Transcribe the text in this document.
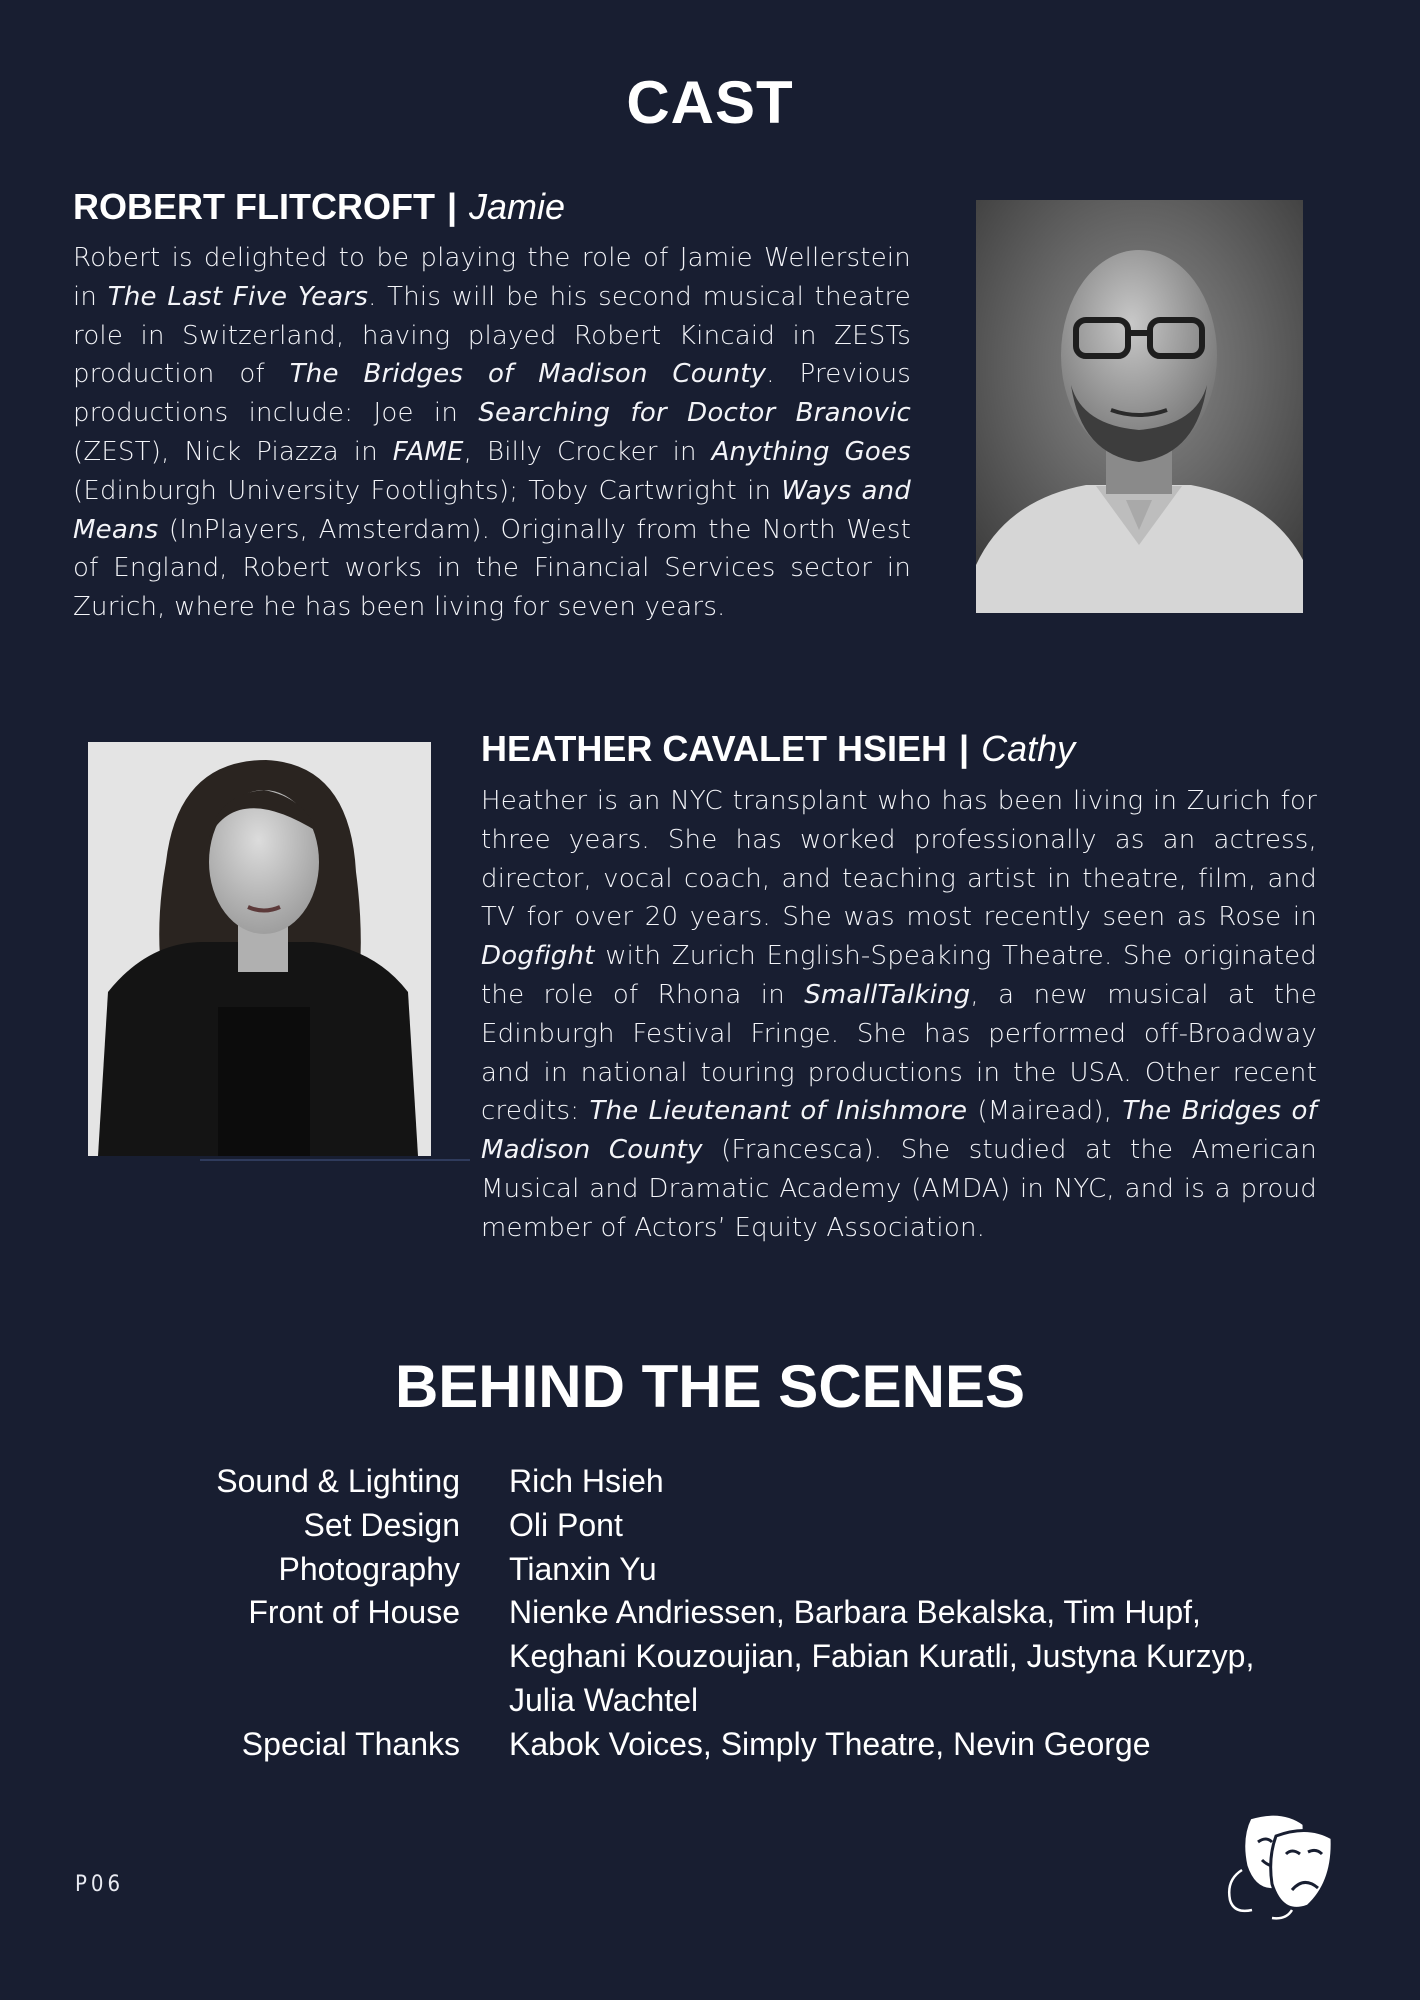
CAST
ROBERT FLITCROFT | Jamie
Robert is delighted to be playing the role of Jamie Wellerstein in The Last Five Years. This will be his second musical theatre role in Switzerland, having played Robert Kincaid in ZESTs production of The Bridges of Madison County. Previous productions include: Joe in Searching for Doctor Branovic (ZEST), Nick Piazza in FAME, Billy Crocker in Anything Goes (Edinburgh University Footlights); Toby Cartwright in Ways and Means (InPlayers, Amsterdam). Originally from the North West of England, Robert works in the Financial Services sector in Zurich, where he has been living for seven years.
HEATHER CAVALET HSIEH | Cathy
Heather is an NYC transplant who has been living in Zurich for three years. She has worked professionally as an actress, director, vocal coach, and teaching artist in theatre, film, and TV for over 20 years. She was most recently seen as Rose in Dogfight with Zurich English-Speaking Theatre. She originated the role of Rhona in SmallTalking, a new musical at the Edinburgh Festival Fringe. She has performed off-Broadway and in national touring productions in the USA. Other recent credits: The Lieutenant of Inishmore (Mairead), The Bridges of Madison County (Francesca). She studied at the American Musical and Dramatic Academy (AMDA) in NYC, and is a proud member of Actors’ Equity Association.
BEHIND THE SCENES
Sound & Lighting	Rich Hsieh
Set Design	Oli Pont
Photography	Tianxin Yu
Front of House	Nienke Andriessen, Barbara Bekalska, Tim Hupf,
Keghani Kouzoujian, Fabian Kuratli, Justyna Kurzyp,
Julia Wachtel
Special Thanks	Kabok Voices, Simply Theatre, Nevin George
P06
